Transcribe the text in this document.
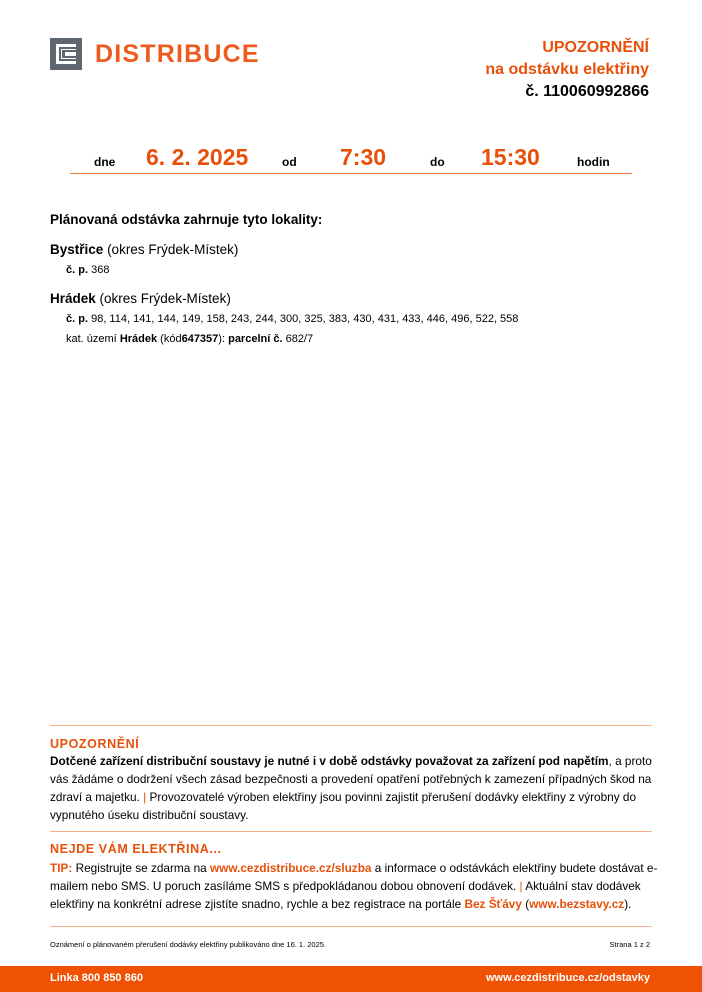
DISTRIBUCE	UPOZORNĚNÍ
na odstávku elektřiny
č. 110060992866
dne 6. 2. 2025	od 7:30	do 15:30	hodin
Plánovaná odstávka zahrnuje tyto lokality:
Bystřice (okres Frýdek-Místek)
č. p. 368
Hrádek (okres Frýdek-Místek)
č. p. 98, 114, 141, 144, 149, 158, 243, 244, 300, 325, 383, 430, 431, 433, 446, 496, 522, 558
kat. území Hrádek (kód647357): parcelní č. 682/7
UPOZORNĚNÍ
Dotčené zařízení distribuční soustavy je nutné i v době odstávky považovat za zařízení pod napětím, a proto vás žádáme o dodržení všech zásad bezpečnosti a provedení opatření potřebných k zamezení případných škod na zdraví a majetku. | Provozovatelé výroben elektřiny jsou povinni zajistit přerušení dodávky elektřiny z výrobny do vypnutého úseku distribuční soustavy.
NEJDE VÁM ELEKTŘINA...
TIP: Registrujte se zdarma na www.cezdistribuce.cz/sluzba a informace o odstávkách elektřiny budete dostávat e-mailem nebo SMS. U poruch zasíláme SMS s předpokládanou dobou obnovení dodávek. | Aktuální stav dodávek elektřiny na konkrétní adrese zjistíte snadno, rychle a bez registrace na portále Bez Šťávy (www.bezstavy.cz).
Oznámení o plánovaném přerušení dodávky elektřiny publikováno dne 16. 1. 2025.	Strana 1 z 2
Linka 800 850 860	www.cezdistribuce.cz/odstavky
